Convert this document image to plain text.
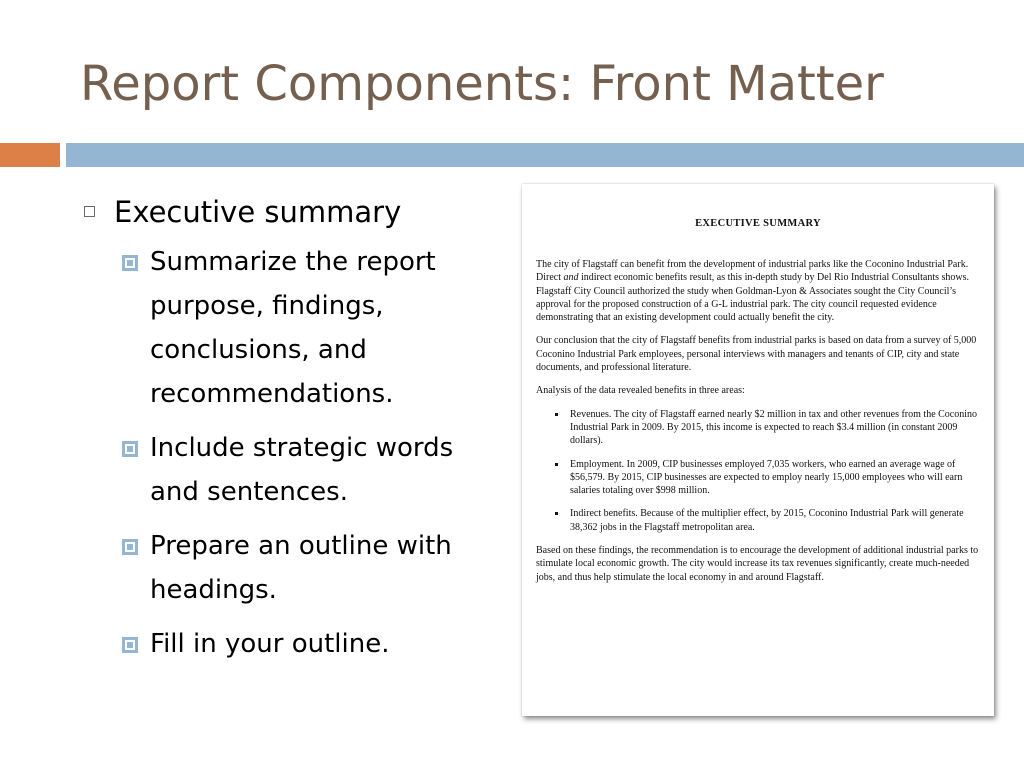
Report Components: Front Matter
Executive summary
Summarize the report purpose, findings, conclusions, and recommendations.
Include strategic words and sentences.
Prepare an outline with headings.
Fill in your outline.
EXECUTIVE SUMMARY

The city of Flagstaff can benefit from the development of industrial parks like the Coconino Industrial Park. Direct and indirect economic benefits result, as this in-depth study by Del Rio Industrial Consultants shows. Flagstaff City Council authorized the study when Goldman-Lyon & Associates sought the City Council’s approval for the proposed construction of a G-L industrial park. The city council requested evidence demonstrating that an existing development could actually benefit the city.

Our conclusion that the city of Flagstaff benefits from industrial parks is based on data from a survey of 5,000 Coconino Industrial Park employees, personal interviews with managers and tenants of CIP, city and state documents, and professional literature.

Analysis of the data revealed benefits in three areas:

Revenues. The city of Flagstaff earned nearly $2 million in tax and other revenues from the Coconino Industrial Park in 2009. By 2015, this income is expected to reach $3.4 million (in constant 2009 dollars).
Employment. In 2009, CIP businesses employed 7,035 workers, who earned an average wage of $56,579. By 2015, CIP businesses are expected to employ nearly 15,000 employees who will earn salaries totaling over $998 million.
Indirect benefits. Because of the multiplier effect, by 2015, Coconino Industrial Park will generate 38,362 jobs in the Flagstaff metropolitan area.

Based on these findings, the recommendation is to encourage the development of additional industrial parks to stimulate local economic growth. The city would increase its tax revenues significantly, create much-needed jobs, and thus help stimulate the local economy in and around Flagstaff.
